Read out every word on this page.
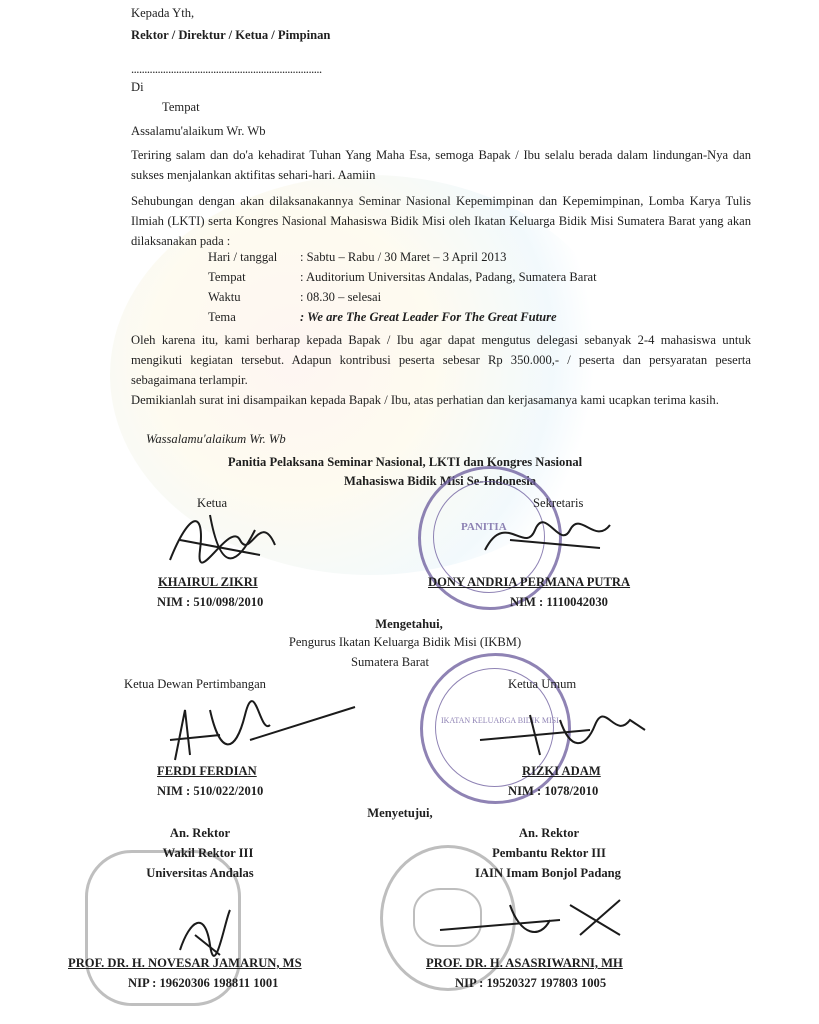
Kepada Yth,
Rektor / Direktur / Ketua / Pimpinan
........................................................................
Di
Tempat
Assalamu'alaikum Wr. Wb
Teriring salam dan do'a kehadirat Tuhan Yang Maha Esa, semoga Bapak / Ibu selalu berada dalam lindungan-Nya dan sukses menjalankan aktifitas sehari-hari. Aamiin
Sehubungan dengan akan dilaksanakannya Seminar Nasional Kepemimpinan dan Kepemimpinan, Lomba Karya Tulis Ilmiah (LKTI) serta Kongres Nasional Mahasiswa Bidik Misi oleh Ikatan Keluarga Bidik Misi Sumatera Barat yang akan dilaksanakan pada :
Hari / tanggal : Sabtu – Rabu / 30 Maret – 3 April 2013
Tempat	: Auditorium Universitas Andalas, Padang, Sumatera Barat
Waktu	: 08.30 – selesai
Tema	: We are The Great Leader For The Great Future
Oleh karena itu, kami berharap kepada Bapak / Ibu agar dapat mengutus delegasi sebanyak 2-4 mahasiswa untuk mengikuti kegiatan tersebut. Adapun kontribusi peserta sebesar Rp 350.000,- / peserta dan persyaratan peserta sebagaimana terlampir.
Demikianlah surat ini disampaikan kepada Bapak / Ibu, atas perhatian dan kerjasamanya kami ucapkan terima kasih.
Wassalamu'alaikum Wr. Wb
Panitia Pelaksana Seminar Nasional, LKTI dan Kongres Nasional
Mahasiswa Bidik Misi Se-Indonesia
PANITIA
Ketua	Sekretaris
KHAIRUL ZIKRI
NIM : 510/098/2010
DONY ANDRIA PERMANA PUTRA
NIM : 1110042030
Mengetahui,
Pengurus Ikatan Keluarga Bidik Misi (IKBM)
Sumatera Barat
IKATAN KELUARGA BIDIK MISI
Ketua Dewan Pertimbangan	Ketua Umum
FERDI FERDIAN
NIM : 510/022/2010
RIZKI ADAM
NIM : 1078/2010
Menyetujui,
An. Rektor
Wakil Rektor III
Universitas Andalas
An. Rektor
Pembantu Rektor III
IAIN Imam Bonjol Padang
PROF. DR. H. NOVESAR JAMARUN, MS
NIP : 19620306 198811 1001
PROF. DR. H. ASASRIWARNI, MH
NIP : 19520327 197803 1005
